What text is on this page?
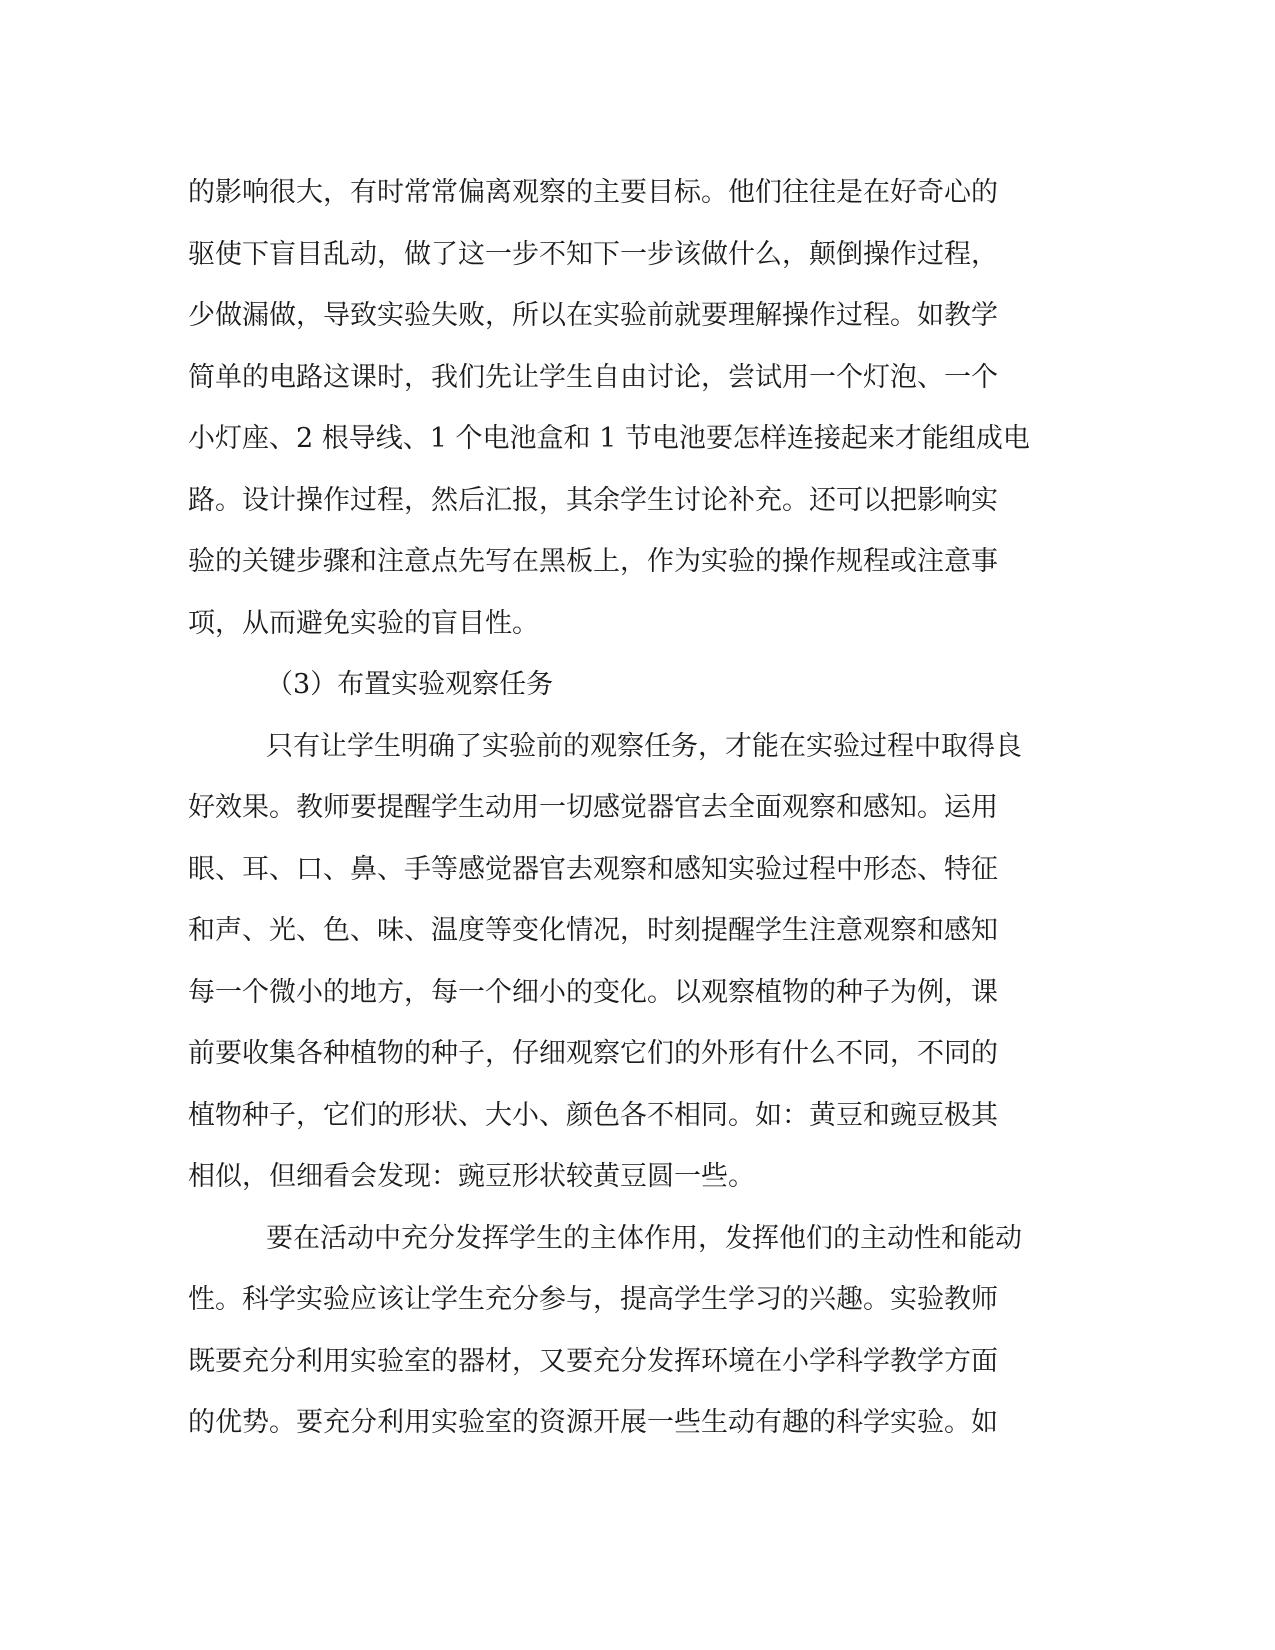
的影响很大，有时常常偏离观察的主要目标。他们往往是在好奇心的
驱使下盲目乱动，做了这一步不知下一步该做什么，颠倒操作过程，
少做漏做，导致实验失败，所以在实验前就要理解操作过程。如教学
简单的电路这课时，我们先让学生自由讨论，尝试用一个灯泡、一个
小灯座、2 根导线、1 个电池盒和 1 节电池要怎样连接起来才能组成电
路。设计操作过程，然后汇报，其余学生讨论补充。还可以把影响实
验的关键步骤和注意点先写在黑板上，作为实验的操作规程或注意事
项，从而避免实验的盲目性。
（3）布置实验观察任务
只有让学生明确了实验前的观察任务，才能在实验过程中取得良
好效果。教师要提醒学生动用一切感觉器官去全面观察和感知。运用
眼、耳、口、鼻、手等感觉器官去观察和感知实验过程中形态、特征
和声、光、色、味、温度等变化情况，时刻提醒学生注意观察和感知
每一个微小的地方，每一个细小的变化。以观察植物的种子为例，课
前要收集各种植物的种子，仔细观察它们的外形有什么不同，不同的
植物种子，它们的形状、大小、颜色各不相同。如：黄豆和豌豆极其
相似，但细看会发现：豌豆形状较黄豆圆一些。
要在活动中充分发挥学生的主体作用，发挥他们的主动性和能动
性。科学实验应该让学生充分参与，提高学生学习的兴趣。实验教师
既要充分利用实验室的器材，又要充分发挥环境在小学科学教学方面
的优势。要充分利用实验室的资源开展一些生动有趣的科学实验。如
